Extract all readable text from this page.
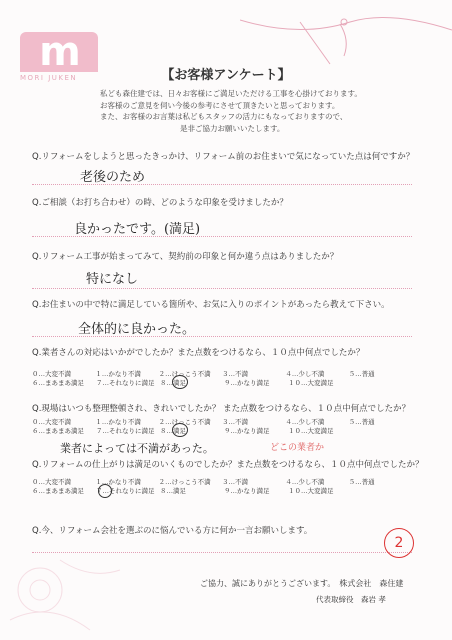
m
MORI JUKEN	【お客様アンケート】
私ども森住建では、日々お客様にご満足いただける工事を心掛けております。
お客様のご意見を伺い今後の参考にさせて頂きたいと思っております。
また、お客様のお言葉は私どもスタッフの活力にもなっておりますので、
是非ご協力お願いいたします。
Q.リフォームをしようと思ったきっかけ、リフォーム前のお住まいで気になっていた点は何ですか？
老後のため
Q.ご相談（お打ち合わせ）の時、どのような印象を受けましたか？
良かったです。(満足)
Q.リフォーム工事が始まってみて、契約前の印象と何か違う点はありましたか？
特になし
Q.お住まいの中で特に満足している箇所や、お気に入りのポイントがあったら教えて下さい。
全体的に良かった。
Q.業者さんの対応はいかがでしたか？また点数をつけるなら、１０点中何点でしたか？
０…大変不満	１…かなり不満	２…けっこう不満	３…不満	４…少し不満	５…普通
６…まあまあ満足	７…それなりに満足 ８…満足	９…かなり満足	１０…大変満足
Q.現場はいつも整理整頓され、きれいでしたか？ また点数をつけるなら、１０点中何点でしたか？
０…大変不満	１…かなり不満	２…けっこう不満	３…不満	４…少し不満	５…普通
６…まあまあ満足	７…それなりに満足 ８…満足	９…かなり満足	１０…大変満足
業者によっては不満があった。	どこの業者か
Q.リフォームの仕上がりは満足のいくものでしたか？また点数をつけるなら、１０点中何点でしたか？
０…大変不満	１…かなり不満	２…けっこう不満	３…不満	４…少し不満	５…普通
６…まあまあ満足	７…それなりに満足 ８…満足	９…かなり満足	１０…大変満足
Q.今、リフォーム会社を選ぶのに悩んでいる方に何か一言お願いします。
2
ご協力、誠にありがとうございます。　株式会社　森住建
代表取締役　森岩 孝
